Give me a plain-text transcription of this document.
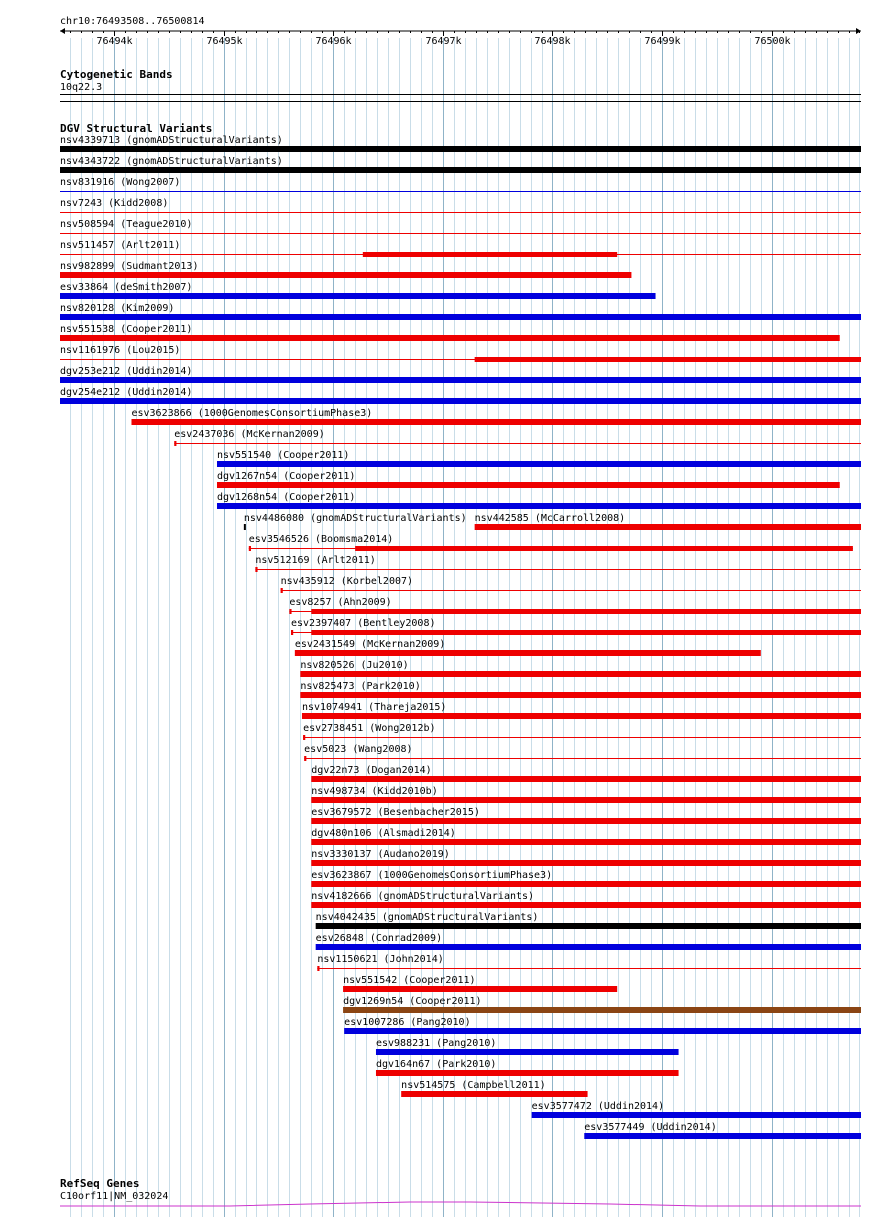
chr10:76493508..76500814
76494k	76495k	76496k	76497k	76498k	76499k	76500k
Cytogenetic Bands
10q22.3
DGV Structural Variants
nsv4339713 (gnomADStructuralVariants)
nsv4343722 (gnomADStructuralVariants)
nsv831916 (Wong2007)
nsv7243 (Kidd2008)
nsv508594 (Teague2010)
nsv511457 (Arlt2011)
nsv982899 (Sudmant2013)
esv33864 (deSmith2007)
nsv820128 (Kim2009)
nsv551538 (Cooper2011)
nsv1161976 (Lou2015)
dgv253e212 (Uddin2014)
dgv254e212 (Uddin2014)
esv3623866 (1000GenomesConsortiumPhase3)
esv2437036 (McKernan2009)
nsv551540 (Cooper2011)
dgv1267n54 (Cooper2011)
dgv1268n54 (Cooper2011)
nsv4486080 (gnomADStructuralVariants) nsv442585 (McCarroll2008)
esv3546526 (Boomsma2014)
nsv512169 (Arlt2011)
nsv435912 (Korbel2007)
esv8257 (Ahn2009)
esv2397407 (Bentley2008)
esv2431549 (McKernan2009)
nsv820526 (Ju2010)
nsv825473 (Park2010)
nsv1074941 (Thareja2015)
esv2738451 (Wong2012b)
esv5023 (Wang2008)
dgv22n73 (Dogan2014)
nsv498734 (Kidd2010b)
esv3679572 (Besenbacher2015)
dgv480n106 (Alsmadi2014)
nsv3330137 (Audano2019)
esv3623867 (1000GenomesConsortiumPhase3)
nsv4182666 (gnomADStructuralVariants)
nsv4042435 (gnomADStructuralVariants)
esv26848 (Conrad2009)
nsv1150621 (John2014)
nsv551542 (Cooper2011)
dgv1269n54 (Cooper2011)
esv1007286 (Pang2010)
esv988231 (Pang2010)
dgv164n67 (Park2010)
nsv514575 (Campbell2011)
esv3577472 (Uddin2014)
esv3577449 (Uddin2014)
RefSeq Genes
C10orf11|NM_032024
